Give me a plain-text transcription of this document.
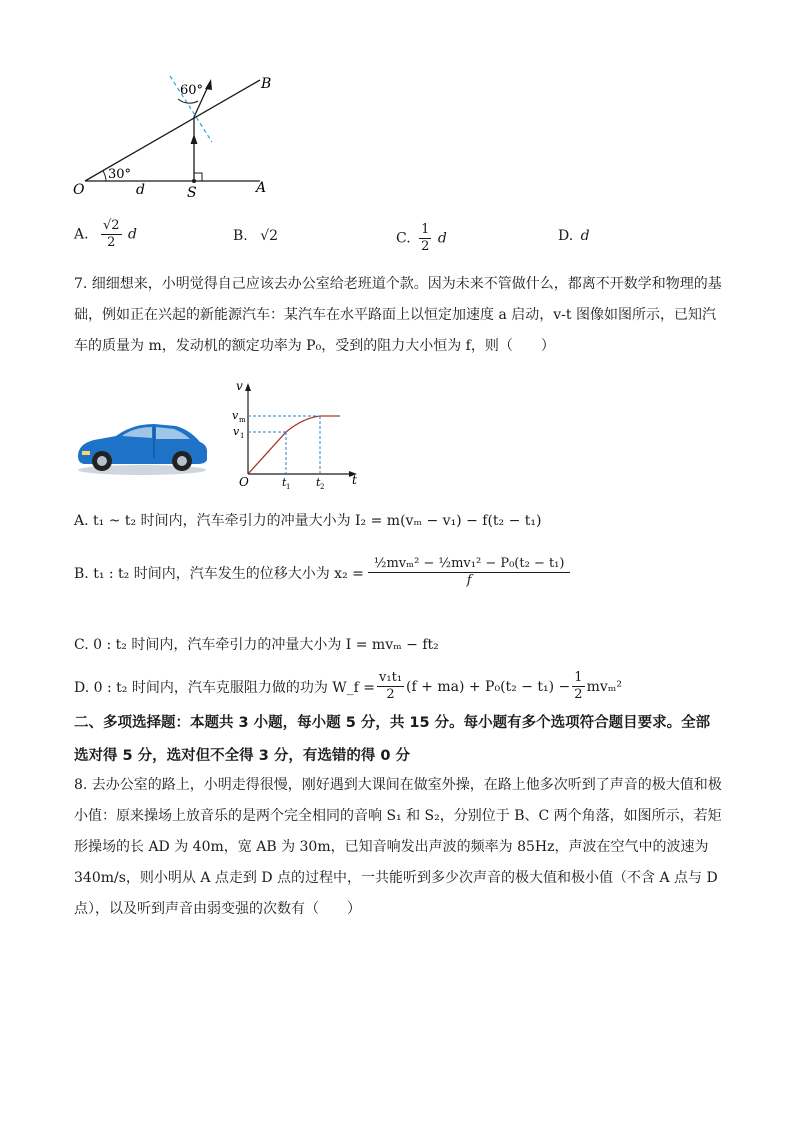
60°
30°
O	d	S	A
B
A. $\frac{√2}{2}$ d	B. √2	C. $\frac{1}{2}$ d	D. d
7. 细细想来，小明觉得自己应该去办公室给老班道个款。因为未来不管做什么，都离不开数学和物理的基础，例如正在兴起的新能源汽车：某汽车在水平路面上以恒定加速度 a 启动，v-t 图像如图所示，已知汽车的质量为 m，发动机的额定功率为 P₀，受到的阻力大小恒为 f，则（　　）
v
v m
v 1
O	t 1 t 2 t
A. t₁ ~ t₂ 时间内，汽车牵引力的冲量大小为 I₂ = m(vₘ − v₁) − f(t₂ − t₁)
B. t₁ : t₂ 时间内，汽车发生的位移大小为 $x_2 = \frac{\text{½mvₘ² − ½mv₁² − P₀(t₂ − t₁)}}{f}$
C. 0 : t₂ 时间内，汽车牵引力的冲量大小为 I = mvₘ − ft₂
D. 0 : t₂ 时间内，汽车克服阻力做的功为 W_f = $\frac{\text{v₁t₁}}{2} (f + ma) + P_0(t_2 - t_1) - \frac{1}{2} mv_m^2$
二、多项选择题：本题共 3 小题，每小题 5 分，共 15 分。每小题有多个选项符合题目要求。全部选对得 5 分，选对但不全得 3 分，有选错的得 0 分
8. 去办公室的路上，小明走得很慢，刚好遇到大课间在做室外操，在路上他多次听到了声音的极大值和极小值：原来操场上放音乐的是两个完全相同的音响 S₁ 和 S₂，分别位于 B、C 两个角落，如图所示，若矩形操场的长 AD 为 40m，宽 AB 为 30m，已知音响发出声波的频率为 85Hz，声波在空气中的波速为 340m/s，则小明从 A 点走到 D 点的过程中，一共能听到多少次声音的极大值和极小值（不含 A 点与 D 点），以及听到声音由弱变强的次数有（　　）
